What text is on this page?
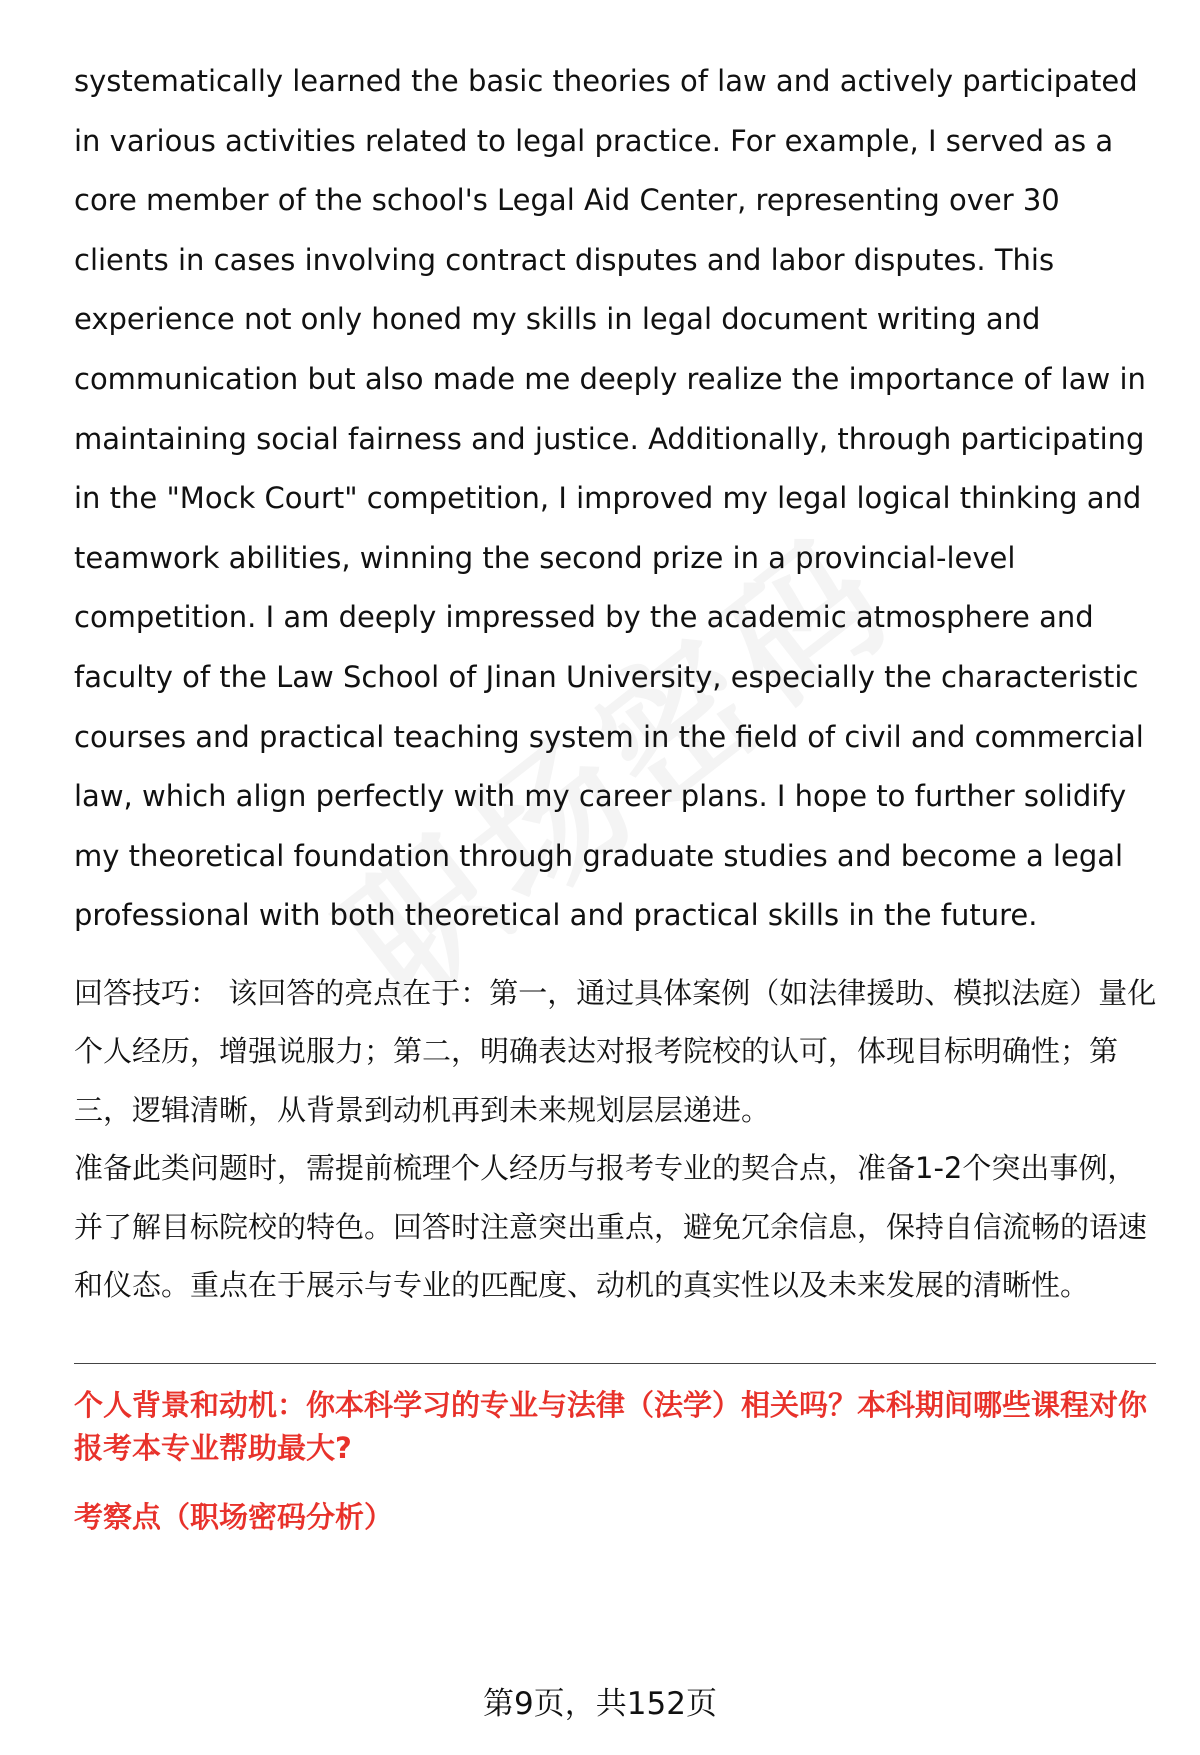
systematically learned the basic theories of law and actively participated in various activities related to legal practice. For example, I served as a core member of the school's Legal Aid Center, representing over 30 clients in cases involving contract disputes and labor disputes. This experience not only honed my skills in legal document writing and communication but also made me deeply realize the importance of law in maintaining social fairness and justice. Additionally, through participating in the "Mock Court" competition, I improved my legal logical thinking and teamwork abilities, winning the second prize in a provincial-level competition. I am deeply impressed by the academic atmosphere and faculty of the Law School of Jinan University, especially the characteristic courses and practical teaching system in the field of civil and commercial law, which align perfectly with my career plans. I hope to further solidify my theoretical foundation through graduate studies and become a legal professional with both theoretical and practical skills in the future.

回答技巧： 该回答的亮点在于：第一，通过具体案例（如法律援助、模拟法庭）量化个人经历，增强说服力；第二，明确表达对报考院校的认可，体现目标明确性；第三，逻辑清晰，从背景到动机再到未来规划层层递进。

准备此类问题时，需提前梳理个人经历与报考专业的契合点，准备1-2个突出事例，并了解目标院校的特色。回答时注意突出重点，避免冗余信息，保持自信流畅的语速和仪态。重点在于展示与专业的匹配度、动机的真实性以及未来发展的清晰性。

个人背景和动机：你本科学习的专业与法律（法学）相关吗？本科期间哪些课程对你报考本专业帮助最大?
考察点（职场密码分析）
第9页，共152页
